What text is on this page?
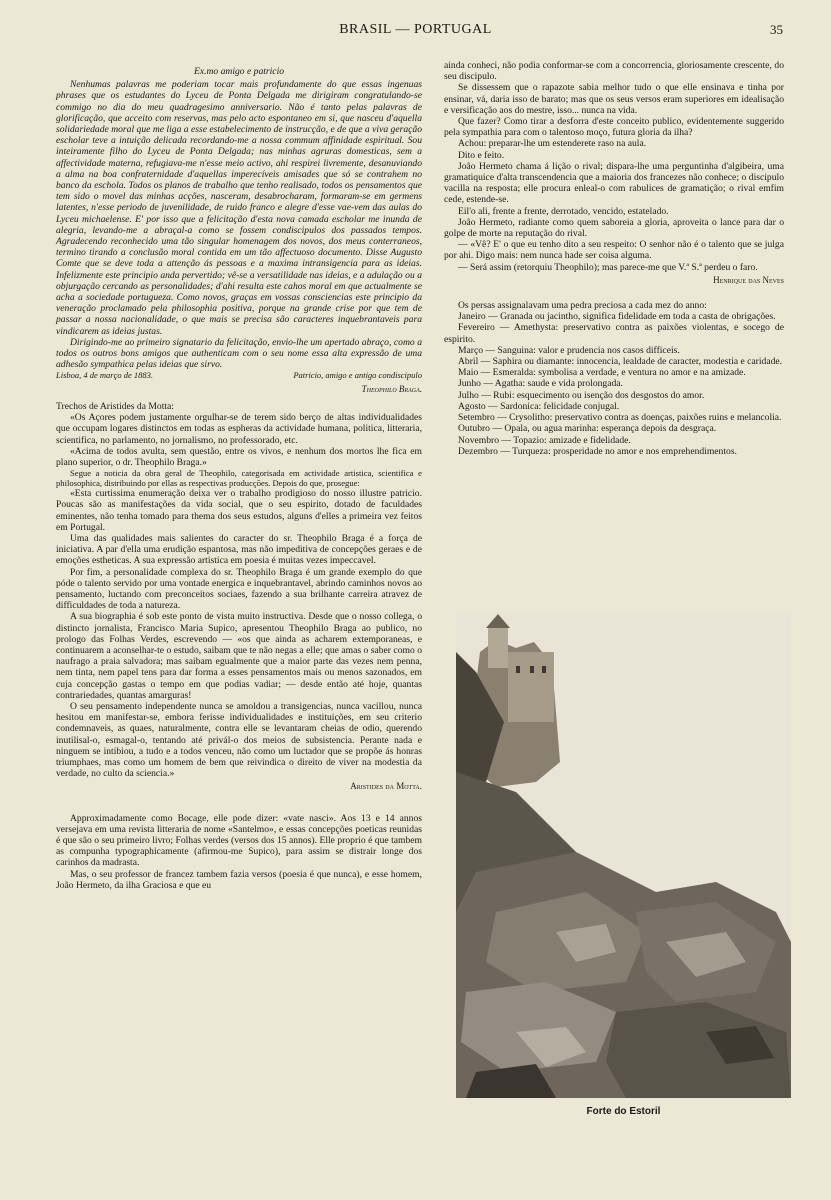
BRASIL — PORTUGAL	35

Ex.mo amigo e patricio

Nenhumas palavras me poderiam tocar mais profundamente do que essas ingenuas phrases que os estudantes do Lyceu de Ponta Delgada me dirigiram congratulando-se commigo no dia do meu quadragesimo anniversario. Não é tanto pelas palavras de glorificação, que acceito com reservas, mas pelo acto espontaneo em si, que nasceu d'aquella solidariedade moral que me liga a esse estabelecimento de instrucção, e de que a viva geração escholar teve a intuição delicada recordando-me a nossa commum affinidade espiritual. Sou inteiramente filho do Lyceu de Ponta Delgada; nas minhas agruras domesticas, sem a affectividade materna, refugiava-me n'esse meio activo, ahi respirei livremente, desanuviando a alma na boa confraternidade d'aquellas imperecíveis amisades que só se contrahem no banco da eschola. Todos os planos de trabalho que tenho realisado, todos os pensamentos que tem sido o movel das minhas acções, nasceram, desabrocharam, formaram-se em germens latentes, n'esse periodo de juvenilidade, de ruido franco e alegre d'esse vae-vem das aulas do Lyceu michaelense. E' por isso que a felicitação d'esta nova camada escholar me inunda de alegria, levando-me a abraçal-a como se fossem condiscipulos dos passados tempos. Agradecendo reconhecido uma tão singular homenagem dos novos, dos meus conterraneos, termino tirando a conclusão moral contida em um tão affectuoso documento. Disse Augusto Comte que se deve toda a attenção ás pessoas e a maxima intransigencia para as ideias. Infelizmente este principio anda pervertido; vê-se a versatilidade nas ideias, e a adulação ou a objurgação cercando as personalidades; d'ahi resulta este cahos moral em que actualmente se acha a sociedade portugueza. Como novos, graças em vossas consciencias este principio da veneração proclamado pela philosophia positiva, porque na grande crise por que tem de passar a nossa nacionalidade, o que mais se precisa são caracteres inquebrantaveis para vindicarem as ideias justas.

Dirigindo-me ao primeiro signatario da felicitação, envio-lhe um apertado abraço, como a todos os outros bons amigos que authenticam com o seu nome essa alta expressão de uma adhesão sympathica pelas ideias que sirvo.

Lisboa, 4 de março de 1883.	Patricio, amigo e antigo condiscipulo

Theophilo Braga.

Trechos de Aristides da Motta:

«Os Açores podem justamente orgulhar-se de terem sido berço de altas individualidades que occupam logares distinctos em todas as espheras da actividade humana, politica, litteraria, scientifica, no parlamento, no jornalismo, no professorado, etc.

«Acima de todos avulta, sem questão, entre os vivos, e nenhum dos mortos lhe fica em plano superior, o dr. Theophilo Braga.»

Segue a noticia da obra geral de Theophilo, categorisada em actividade artistica, scientifica e philosophica, distribuindo por ellas as respectivas producções. Depois do que, prosegue:

«Esta curtissima enumeração deixa ver o trabalho prodigioso do nosso illustre patricio. Poucas são as manifestações da vida social, que o seu espirito, dotado de faculdades eminentes, não tenha tomado para thema dos seus estudos, alguns d'elles a primeira vez feitos em Portugal.

Uma das qualidades mais salientes do caracter do sr. Theophilo Braga é a força de iniciativa. A par d'ella uma erudição espantosa, mas não impeditiva de concepções geraes e de emoções estheticas. A sua expressão artistica em poesia é muitas vezes impeccavel.

Por fim, a personalidade complexa do sr. Theophilo Braga é um grande exemplo do que póde o talento servido por uma vontade energica e inquebrantavel, abrindo caminhos novos ao pensamento, luctando com preconceitos sociaes, fazendo a sua brilhante carreira atravez de difficuldades de toda a natureza.

A sua biographia é sob este ponto de vista muito instructiva. Desde que o nosso collega, o distincto jornalista, Francisco Maria Supico, apresentou Theophilo Braga ao publico, no prologo das Folhas Verdes, escrevendo — «os que ainda as acharem extemporaneas, e continuarem a aconselhar-te o estudo, saibam que te não negas a elle; que amas o saber como o naufrago a praia salvadora; mas saibam egualmente que a maior parte das vezes nem penna, nem tinta, nem papel tens para dar forma a esses pensamentos mais ou menos sazonados, em cuja concepção gastas o tempo em que podias vadiar; — desde então até hoje, quantas contrariedades, quantas amarguras!

O seu pensamento independente nunca se amoldou a transigencias, nunca vacillou, nunca hesitou em manifestar-se, embora ferisse individualidades e instituições, em seu criterio condemnaveis, as quaes, naturalmente, contra elle se levantaram cheias de odio, querendo inutilisal-o, esmagal-o, tentando até privál-o dos meios de subsistencia. Perante nada e ninguem se intibiou, a tudo e a todos venceu, não como um luctador que se propõe ás honras triumphaes, mas como um homem de bem que reivindica o direito de viver na modestia da verdade, no culto da sciencia.»

Aristides da Motta.

Approximadamente como Bocage, elle pode dizer: «vate nasci». Aos 13 e 14 annos versejava em uma revista litteraria de nome «Santelmo», e essas concepções poeticas reunidas é que são o seu primeiro livro; Folhas verdes (versos dos 15 annos). Elle proprio é que tambem as compunha typographicamente (afirmou-me Supico), para assim se distrair longe dos carinhos da madrasta.

Mas, o seu professor de francez tambem fazia versos (poesia é que nunca), e esse homem, João Hermeto, da ilha Graciosa e que eu

ainda conheci, não podia conformar-se com a concorrencia, gloriosamente crescente, do seu discipulo.

Se dissessem que o rapazote sabia melhor tudo o que elle ensinava e tinha por ensinar, vá, daria isso de barato; mas que os seus versos eram superiores em idealisação e versificação aos do mestre, isso... nunca na vida.

Que fazer? Como tirar a desforra d'este conceito publico, evidentemente suggerido pela sympathia para com o talentoso moço, futura gloria da ilha?

Achou: preparar-lhe um estenderete raso na aula.

Dito e feito.

João Hermeto chama á lição o rival; dispara-lhe uma perguntinha d'algibeira, uma gramatiquice d'alta transcendencia que a maioria dos francezes não conhece; o discipulo vacilla na resposta; elle procura enleal-o com rabulices de gramatição; o rival emfim cede, estende-se.

Eil'o ali, frente a frente, derrotado, vencido, estatelado.

João Hermeto, radiante como quem saboreia a gloria, aproveita o lance para dar o golpe de morte na reputação do rival.

— «Vê? E' o que eu tenho dito a seu respeito: O senhor não é o talento que se julga por ahi. Digo mais: nem nunca hade ser coisa alguma.

— Será assim (retorquiu Theophilo); mas parece-me que V.ª S.ª perdeu o faro.

Henrique das Neves

Os persas assignalavam uma pedra preciosa a cada mez do anno:

Janeiro — Granada ou jacintho, significa fidelidade em toda a casta de obrigações.

Fevereiro — Amethysta: preservativo contra as paixões violentas, e socego de espirito.

Março — Sanguina: valor e prudencia nos casos difficeis.

Abril — Saphira ou diamante: innocencia, lealdade de caracter, modestia e caridade.

Maio — Esmeralda: symbolisa a verdade, e ventura no amor e na amizade.

Junho — Agatha: saude e vida prolongada.

Julho — Rubi: esquecimento ou isenção dos desgostos do amor.

Agosto — Sardonica: felicidade conjugal.

Setembro — Crysolitho: preservativo contra as doenças, paixões ruins e melancolia.

Outubro — Opala, ou agua marinha: esperança depois da desgraça.

Novembro — Topazio: amizade e fidelidade.

Dezembro — Turqueza: prosperidade no amor e nos emprehendimentos.

Forte do Estoril
